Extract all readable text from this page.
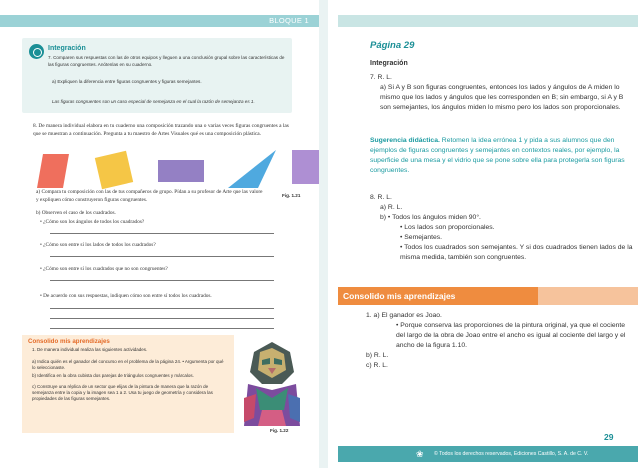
BLOQUE 1
Integración
7. Comparen sus respuestas con las de otros equipos y lleguen a una conclusión grupal sobre las características de las figuras congruentes. Anótenlas en su cuaderno.
a) Expliquen la diferencia entre figuras congruentes y figuras semejantes.
Las figuras congruentes son un caso especial de semejanza en el cual la razón de semejanza es 1.
8. De manera individual elabora en tu cuaderno una composición trazando una o varias veces figuras congruentes a las que se muestran a continuación. Pregunta a tu maestro de Artes Visuales qué es una composición plástica.
Fig. 1.21
a) Compara tu composición con las de tus compañeros de grupo. Pídan a su profesor de Arte que las valore y expliquen cómo construyeron figuras congruentes.
b) Observen el caso de los cuadrados.
• ¿Cómo son los ángulos de todos los cuadrados?
• ¿Cómo son entre sí los lados de todos los cuadrados?
• ¿Cómo son entre sí los cuadrados que no son congruentes?
• De acuerdo con sus respuestas, indiquen cómo son entre sí todos los cuadrados.
Consolido mis aprendizajes
1. De manera individual realiza las siguientes actividades.
a) Indica quién es el ganador del concurso en el problema de la página 24. • Argumenta por qué lo seleccionaste.
b) Identifica en la obra cubista dos parejas de triángulos congruentes y márcalos.
c) Construye una réplica de un sector que elijas de la pintura de manera que la razón de semejanza entre la copia y la imagen sea 1 a 2. Usa tu juego de geometría y considera las propiedades de las figuras semejantes.
Fig. 1.22
Página 29
Integración
7. R. L.
a) Si A y B son figuras congruentes, entonces los lados y ángulos de A miden lo mismo que los lados y ángulos que les corresponden en B; sin embargo, si A y B son semejantes, los ángulos miden lo mismo pero los lados son proporcionales.
Sugerencia didáctica. Retomen la idea errónea 1 y pida a sus alumnos que den ejemplos de figuras congruentes y semejantes en contextos reales, por ejemplo, la superficie de una mesa y el vidrio que se pone sobre ella para protegerla son figuras congruentes.
8. R. L.
a) R. L.
b) • Todos los ángulos miden 90°.
• Los lados son proporcionales.
• Semejantes.
• Todos los cuadrados son semejantes. Y si dos cuadrados tienen lados de la misma medida, también son congruentes.
1. a) El ganador es Joao.
• Porque conserva las proporciones de la pintura original, ya que el cociente del largo de la obra de Joao entre el ancho es igual al cociente del largo y el ancho de la figura 1.10.
b) R. L.
c) R. L.
29
Consolido mis aprendizajes
❀ © Todos los derechos reservados, Ediciones Castillo, S. A. de C. V.
